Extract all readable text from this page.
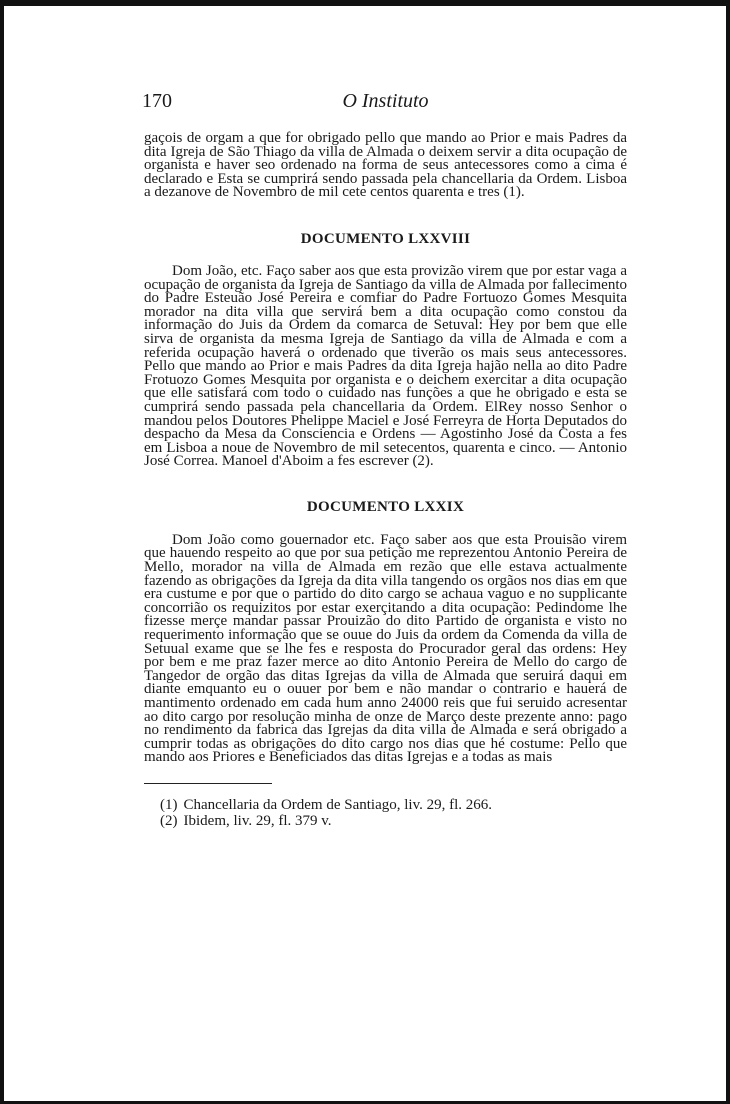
170	O Instituto

gaçois de orgam a que for obrigado pello que mando ao Prior e mais Padres da dita Igreja de São Thiago da villa de Almada o deixem servir a dita ocupação de organista e haver seo ordenado na forma de seus antecessores como a cima é declarado e Esta se cumprirá sendo passada pela chancellaria da Ordem. Lisboa a dezanove de Novembro de mil cete centos quarenta e tres (1).

DOCUMENTO LXXVIII

Dom João, etc. Faço saber aos que esta provizão virem que por estar vaga a ocupação de organista da Igreja de Santiago da villa de Almada por fallecimento do Padre Esteuão José Pereira e comfiar do Padre Fortuozo Gomes Mesquita morador na dita villa que servirá bem a dita ocupação como constou da informação do Juis da Ordem da comarca de Setuval: Hey por bem que elle sirva de organista da mesma Igreja de Santiago da villa de Almada e com a referida ocupação haverá o ordenado que tiverão os mais seus antecessores. Pello que mando ao Prior e mais Padres da dita Igreja hajão nella ao dito Padre Frotuozo Gomes Mesquita por organista e o deichem exercitar a dita ocupação que elle satisfará com todo o cuidado nas funções a que he obrigado e esta se cumprirá sendo passada pela chancellaria da Ordem. ElRey nosso Senhor o mandou pelos Doutores Phelippe Maciel e José Ferreyra de Horta Deputados do despacho da Mesa da Consciencia e Ordens — Agostinho José da Costa a fes em Lisboa a noue de Novembro de mil setecentos, quarenta e cinco. — Antonio José Correa. Manoel d'Aboim a fes escrever (2).

DOCUMENTO LXXIX

Dom João como gouernador etc. Faço saber aos que esta Prouisão virem que hauendo respeito ao que por sua petição me reprezentou Antonio Pereira de Mello, morador na villa de Almada em rezão que elle estava actualmente fazendo as obrigações da Igreja da dita villa tangendo os orgãos nos dias em que era custume e por que o partido do dito cargo se achaua vaguo e no supplicante concorrião os requizitos por estar exerçitando a dita ocupação: Pedindome lhe fizesse merçe mandar passar Prouizão do dito Partido de organista e visto no requerimento informação que se ouue do Juis da ordem da Comenda da villa de Setuual exame que se lhe fes e resposta do Procurador geral das ordens: Hey por bem e me praz fazer merce ao dito Antonio Pereira de Mello do cargo de Tangedor de orgão das ditas Igrejas da villa de Almada que seruirá daqui em diante emquanto eu o ouuer por bem e não mandar o contrario e hauerá de mantimento ordenado em cada hum anno 24000 reis que fui seruido acresentar ao dito cargo por resolução minha de onze de Março deste prezente anno: pago no rendimento da fabrica das Igrejas da dita villa de Almada e será obrigado a cumprir todas as obrigações do dito cargo nos dias que hé costume: Pello que mando aos Priores e Beneficiados das ditas Igrejas e a todas as mais

(1) Chancellaria da Ordem de Santiago, liv. 29, fl. 266.

(2) Ibidem, liv. 29, fl. 379 v.
